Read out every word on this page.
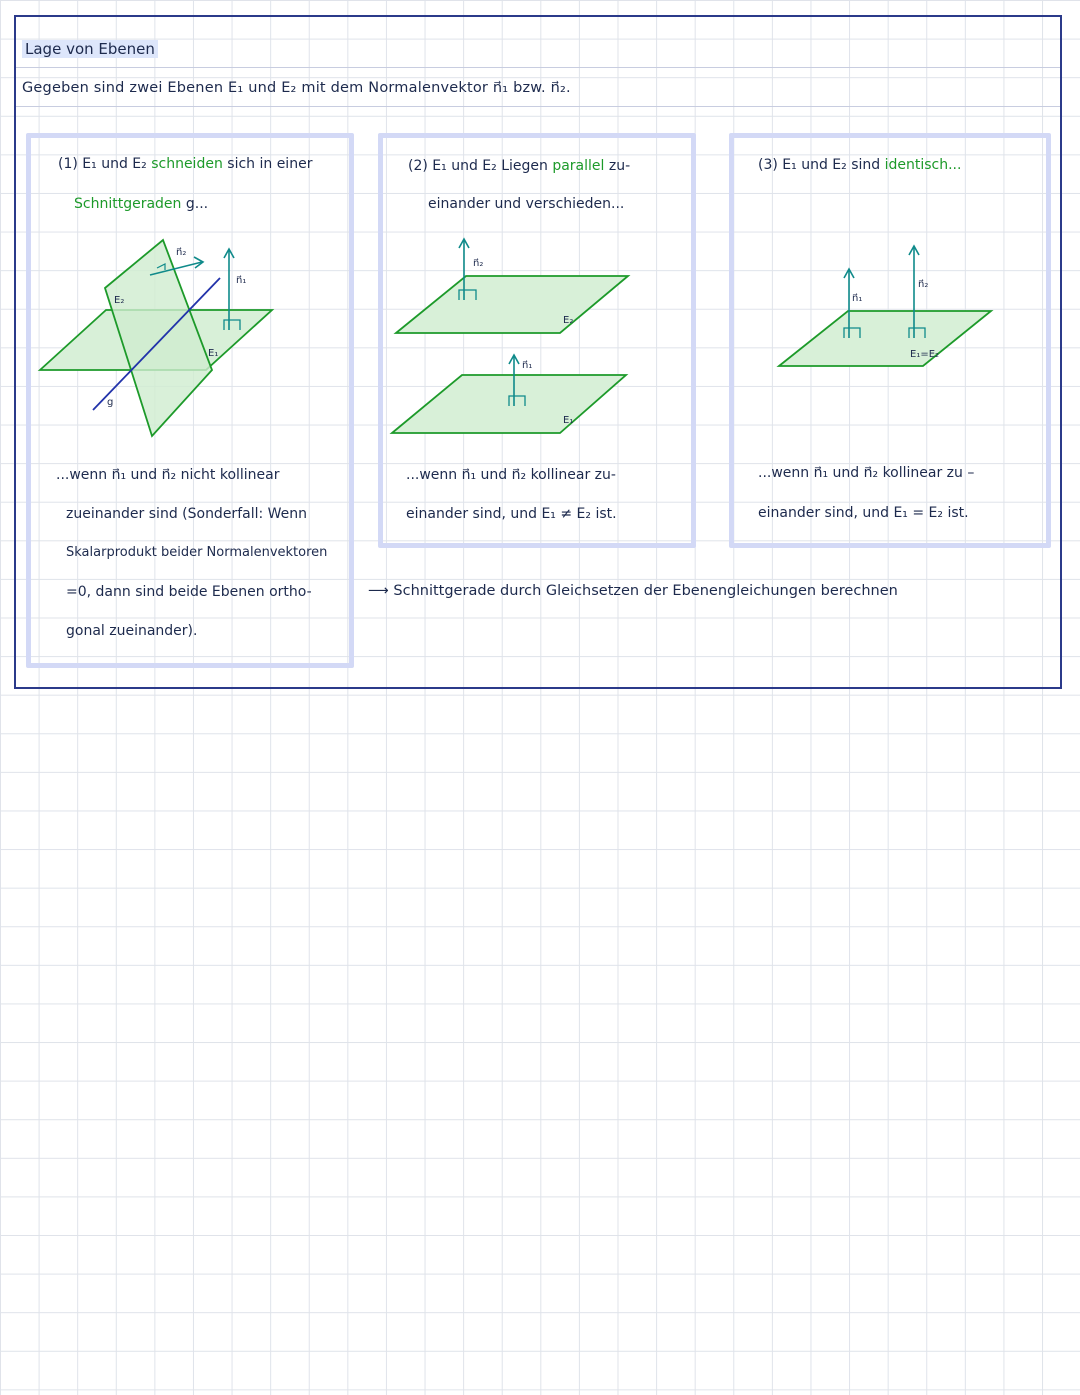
Lage von Ebenen
Gegeben sind zwei Ebenen E₁ und E₂ mit dem Normalenvektor n⃗₁ bzw. n⃗₂.
(1) E₁ und E₂ schneiden sich in einer
Schnittgeraden g...
E₂
E₁
g
n⃗₂
n⃗₁
n⃗₂
n⃗₁
E₂
E₁
n⃗₁
n⃗₂
E₁=E₂
...wenn n⃗₁ und n⃗₂ nicht kollinear
zueinander sind (Sonderfall: Wenn
Skalarprodukt beider Normalenvektoren
=0, dann sind beide Ebenen ortho-
gonal zueinander).
(2) E₁ und E₂ Liegen parallel zu-
einander und verschieden...
...wenn n⃗₁ und n⃗₂ kollinear zu-
einander sind, und E₁ ≠ E₂ ist.
(3) E₁ und E₂ sind identisch...
...wenn n⃗₁ und n⃗₂ kollinear zu –
einander sind, und E₁ = E₂ ist.
⟶ Schnittgerade durch Gleichsetzen der Ebenengleichungen berechnen
